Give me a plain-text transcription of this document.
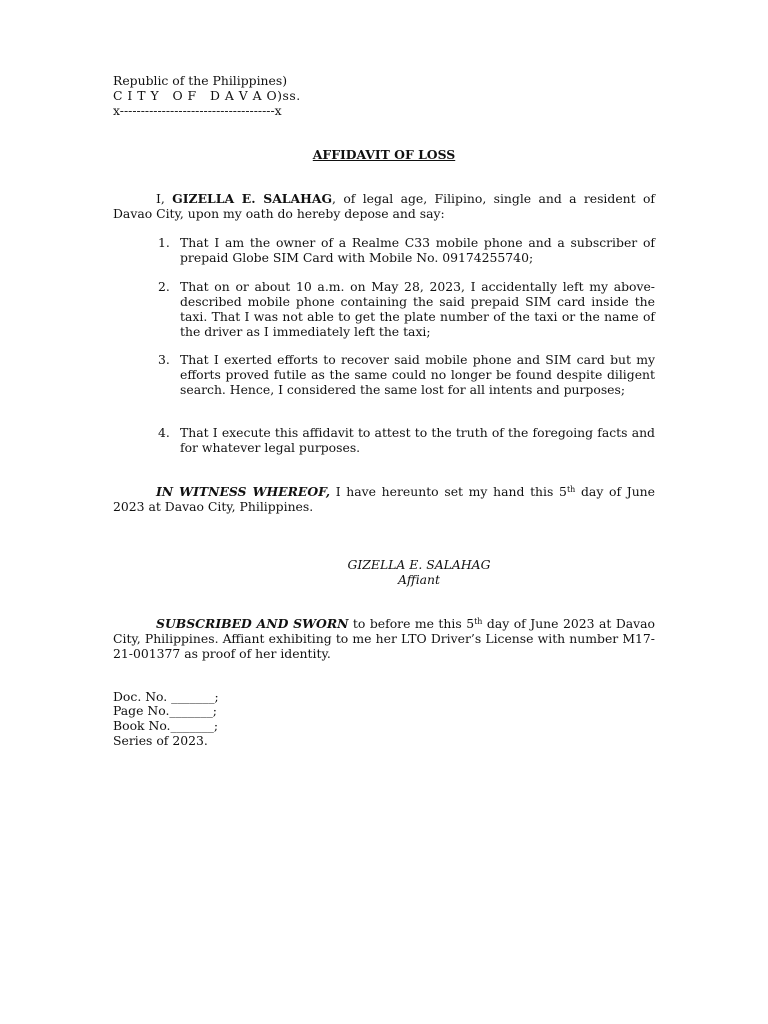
Republic of the Philippines)
C I T Y   O F   D A V A O)ss.
x-------------------------------------x
AFFIDAVIT OF LOSS
I, GIZELLA E. SALAHAG, of legal age, Filipino, single and a resident of Davao City, upon my oath do hereby depose and say:
1. That I am the owner of a Realme C33 mobile phone and a subscriber of prepaid Globe SIM Card with Mobile No. 09174255740;
2. That on or about 10 a.m. on May 28, 2023, I accidentally left my above-described mobile phone containing the said prepaid SIM card inside the taxi. That I was not able to get the plate number of the taxi or the name of the driver as I immediately left the taxi;
3. That I exerted efforts to recover said mobile phone and SIM card but my efforts proved futile as the same could no longer be found despite diligent search. Hence, I considered the same lost for all intents and purposes;
4. That I execute this affidavit to attest to the truth of the foregoing facts and for whatever legal purposes.
IN WITNESS WHEREOF, I have hereunto set my hand this 5th day of June 2023 at Davao City, Philippines.
GIZELLA E. SALAHAG
Affiant
SUBSCRIBED AND SWORN to before me this 5th day of June 2023 at Davao City, Philippines. Affiant exhibiting to me her LTO Driver’s License with number M17-21-001377 as proof of her identity.
Doc. No. _______;
Page No._______;
Book No._______;
Series of 2023.
